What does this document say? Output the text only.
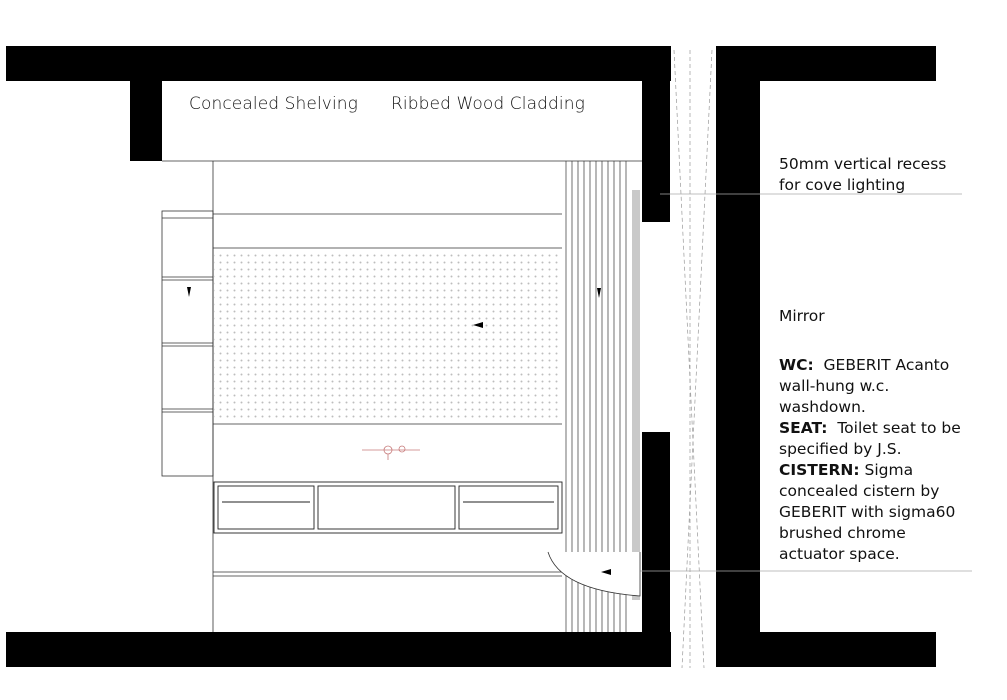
Concealed Shelving Ribbed Wood Cladding
50mm vertical recess
for cove lighting
Mirror
WC: GEBERIT Acanto
wall-hung w.c.
washdown.
SEAT: Toilet seat to be
specified by J.S.
CISTERN: Sigma
concealed cistern by
GEBERIT with sigma60
brushed chrome
actuator space.
